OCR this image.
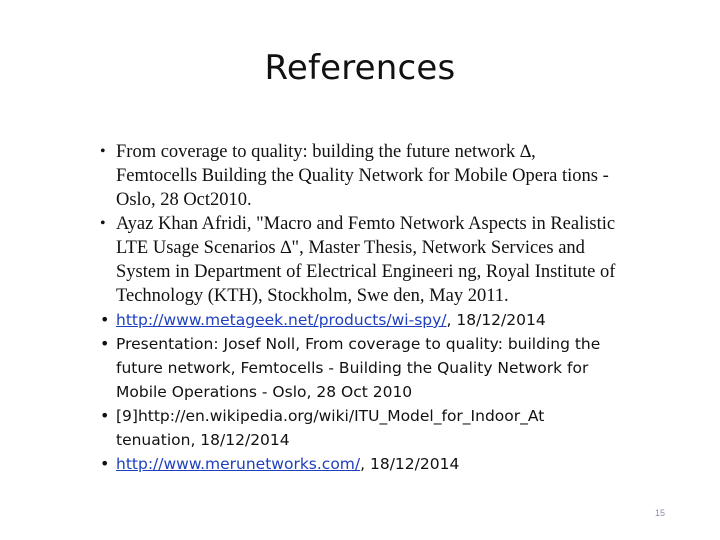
References
• From coverage to quality: building the future network ∆, Femtocells Building the Quality Network for Mobile Opera tions - Oslo, 28 Oct2010.
• Ayaz Khan Afridi, "Macro and Femto Network Aspects in Realistic LTE Usage Scenarios ∆", Master Thesis, Network Services and System in Department of Electrical Engineeri ng, Royal Institute of Technology (KTH), Stockholm, Swe den, May 2011.
• http://www.metageek.net/products/wi-spy/, 18/12/2014
• Presentation: Josef Noll, From coverage to quality: building the future network, Femtocells - Building the Quality Network for Mobile Operations - Oslo, 28 Oct 2010
• [9]http://en.wikipedia.org/wiki/ITU_Model_for_Indoor_At tenuation, 18/12/2014
• http://www.merunetworks.com/, 18/12/2014
15
